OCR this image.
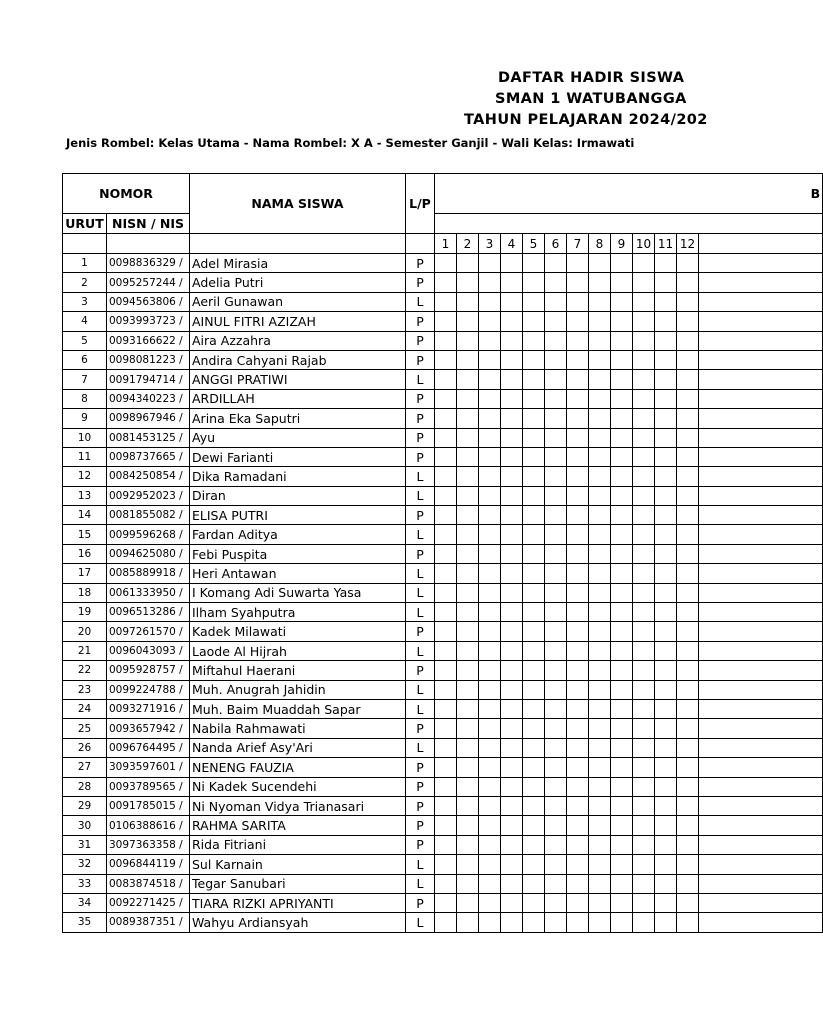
DAFTAR HADIR SISWA
SMAN 1 WATUBANGGA
TAHUN PELAJARAN 2024/202
Jenis Rombel: Kelas Utama - Nama Rombel: X A - Semester Ganjil - Wali Kelas: Irmawati
NOMOR		NAMA SISWA	L/P	B												
URUT	NISN / NIS															
				1	2	3	4	5	6	7	8	9	10	11	12	
1	0098836329 /	Adel Mirasia	P													
2	0095257244 /	Adelia Putri	P													
3	0094563806 /	Aeril Gunawan	L													
4	0093993723 /	AINUL FITRI AZIZAH	P													
5	0093166622 /	Aira Azzahra	P													
6	0098081223 /	Andira Cahyani Rajab	P													
7	0091794714 /	ANGGI PRATIWI	L													
8	0094340223 /	ARDILLAH	P													
9	0098967946 /	Arina Eka Saputri	P													
10	0081453125 /	Ayu	P													
11	0098737665 /	Dewi Farianti	P													
12	0084250854 /	Dika Ramadani	L													
13	0092952023 /	Diran	L													
14	0081855082 /	ELISA PUTRI	P													
15	0099596268 /	Fardan Aditya	L													
16	0094625080 /	Febi Puspita	P													
17	0085889918 /	Heri Antawan	L													
18	0061333950 /	I Komang Adi Suwarta Yasa	L													
19	0096513286 /	Ilham Syahputra	L													
20	0097261570 /	Kadek Milawati	P													
21	0096043093 /	Laode Al Hijrah	L													
22	0095928757 /	Miftahul Haerani	P													
23	0099224788 /	Muh. Anugrah Jahidin	L													
24	0093271916 /	Muh. Baim Muaddah Sapar	L													
25	0093657942 /	Nabila Rahmawati	P													
26	0096764495 /	Nanda Arief Asy'Ari	L													
27	3093597601 /	NENENG FAUZIA	P													
28	0093789565 /	Ni Kadek Sucendehi	P													
29	0091785015 /	Ni Nyoman Vidya Trianasari	P													
30	0106388616 /	RAHMA SARITA	P													
31	3097363358 /	Rida Fitriani	P													
32	0096844119 /	Sul Karnain	L													
33	0083874518 /	Tegar Sanubari	L													
34	0092271425 /	TIARA RIZKI APRIYANTI	P													
35	0089387351 /	Wahyu Ardiansyah	L													
